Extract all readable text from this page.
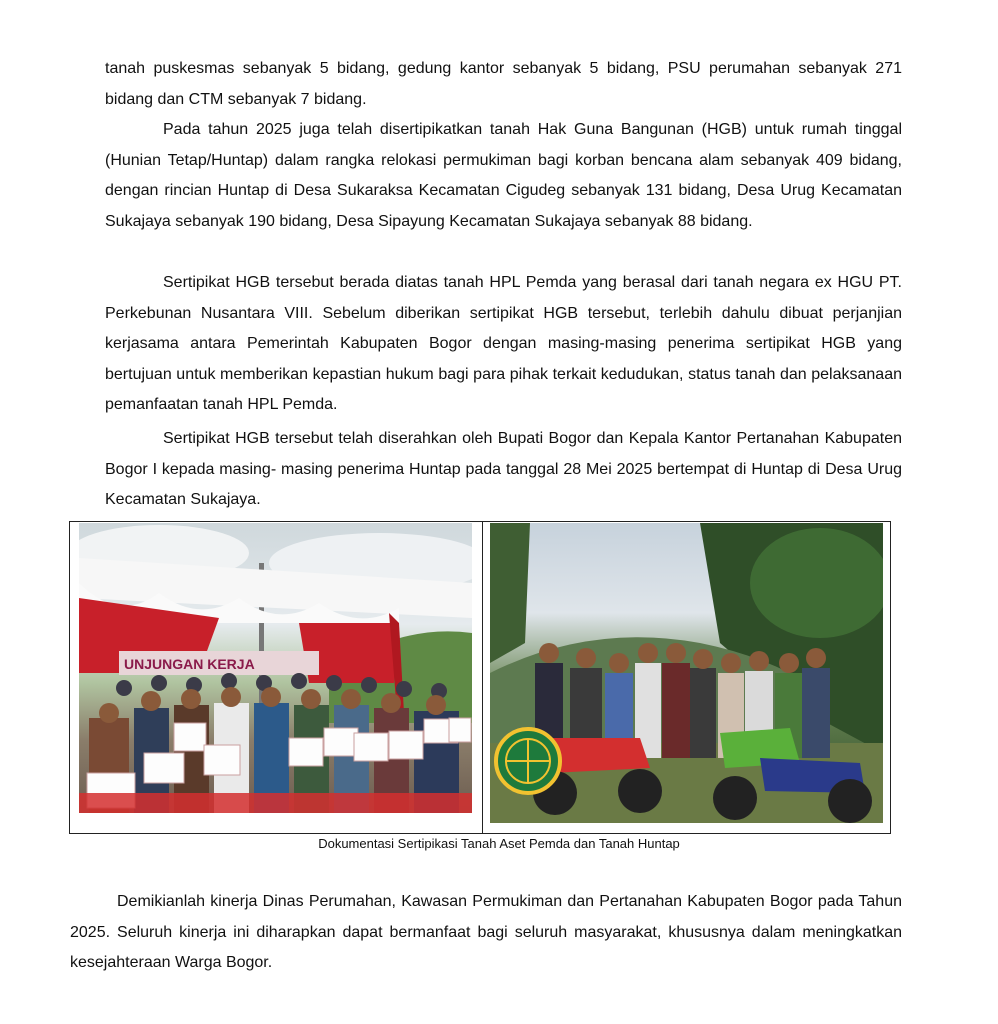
tanah puskesmas sebanyak 5 bidang, gedung kantor sebanyak 5 bidang, PSU perumahan sebanyak 271 bidang dan CTM sebanyak 7 bidang.

Pada tahun 2025 juga telah disertipikatkan tanah Hak Guna Bangunan (HGB) untuk rumah tinggal (Hunian Tetap/Huntap) dalam rangka relokasi permukiman bagi korban bencana alam sebanyak 409 bidang, dengan rincian Huntap di Desa Sukaraksa Kecamatan Cigudeg sebanyak 131 bidang, Desa Urug Kecamatan Sukajaya sebanyak 190 bidang, Desa Sipayung Kecamatan Sukajaya sebanyak 88 bidang.

Sertipikat HGB tersebut berada diatas tanah HPL Pemda yang berasal dari tanah negara ex HGU PT. Perkebunan Nusantara VIII. Sebelum diberikan sertipikat HGB tersebut, terlebih dahulu dibuat perjanjian kerjasama antara Pemerintah Kabupaten Bogor dengan masing-masing penerima sertipikat HGB yang bertujuan untuk memberikan kepastian hukum bagi para pihak terkait kedudukan, status tanah dan pelaksanaan pemanfaatan tanah HPL Pemda.

Sertipikat HGB tersebut telah diserahkan oleh Bupati Bogor dan Kepala Kantor Pertanahan Kabupaten Bogor I kepada masing- masing penerima Huntap pada tanggal 28 Mei 2025 bertempat di Huntap di Desa Urug Kecamatan Sukajaya.

UNJUNGAN KERJA
Dokumentasi Sertipikasi Tanah Aset Pemda dan Tanah Huntap

Demikianlah kinerja Dinas Perumahan, Kawasan Permukiman dan Pertanahan Kabupaten Bogor pada Tahun 2025. Seluruh kinerja ini diharapkan dapat bermanfaat bagi seluruh masyarakat, khususnya dalam meningkatkan kesejahteraan Warga Bogor.
